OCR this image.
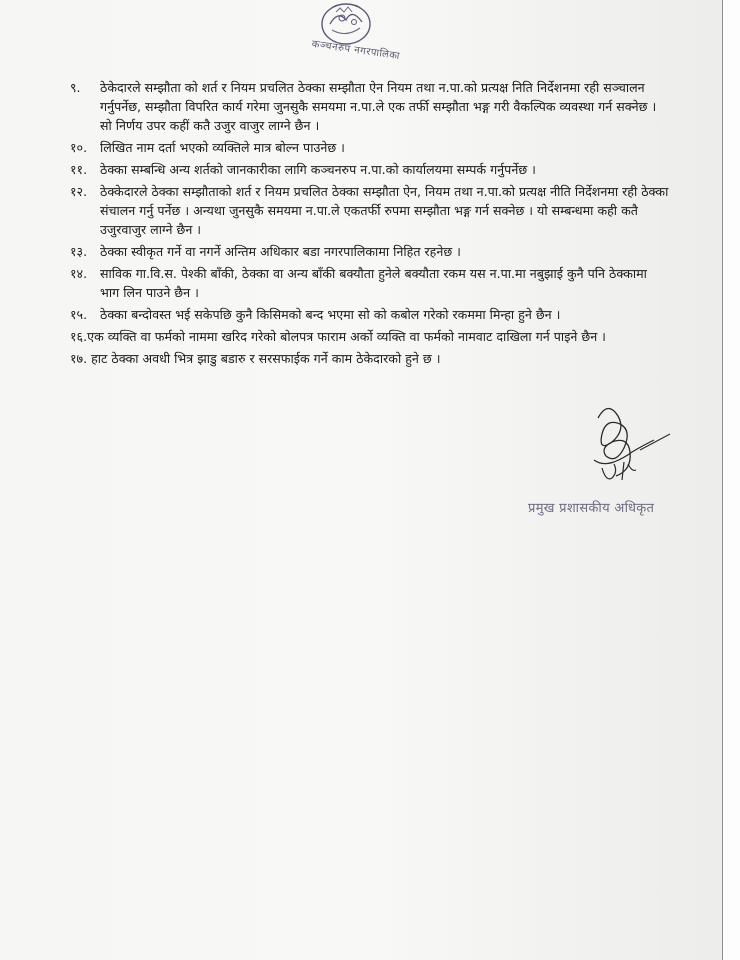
कञ्चनरुप नगरपालिका
९.	ठेकेदारले सम्झौता को शर्त र नियम प्रचलित ठेक्का सम्झौता ऐन नियम तथा न.पा.को प्रत्यक्ष निति निर्देशनमा रही सञ्चालन गर्नुपर्नेछ, सम्झौता विपरित कार्य गरेमा जुनसुकै समयमा न.पा.ले एक तर्फी सम्झौता भङ्ग गरी वैकल्पिक व्यवस्था गर्न सक्नेछ । सो निर्णय उपर कहीं कतै उजुर वाजुर लाग्ने छैन ।
१०.	लिखित नाम दर्ता भएको व्यक्तिले मात्र बोल्न पाउनेछ ।
११.	ठेक्का सम्बन्धि अन्य शर्तको जानकारीका लागि कञ्चनरुप न.पा.को कार्यालयमा सम्पर्क गर्नुपर्नेछ ।
१२.	ठेक्केदारले ठेक्का सम्झौताको शर्त र नियम प्रचलित ठेक्का सम्झौता ऐन, नियम तथा न.पा.को प्रत्यक्ष नीति निर्देशनमा रही ठेक्का संचालन गर्नु पर्नेछ । अन्यथा जुनसुकै समयमा न.पा.ले एकतर्फी रुपमा सम्झौता भङ्ग गर्न सक्नेछ । यो सम्बन्धमा कही कतै उजुरवाजुर लाग्ने छैन ।
१३.	ठेक्का स्वीकृत गर्ने वा नगर्ने अन्तिम अधिकार बडा नगरपालिकामा निहित रहनेछ ।
१४.	साविक गा.वि.स. पेश्की बाँकी, ठेक्का वा अन्य बाँकी बक्यौता हुनेले बक्यौता रकम यस न.पा.मा नबुझाई कुनै पनि ठेक्कामा भाग लिन पाउने छैन ।
१५.	ठेक्का बन्दोवस्त भई सकेपछि कुनै किसिमको बन्द भएमा सो को कबोल गरेको रकममा मिन्हा हुने छैन ।
१६.एक व्यक्ति वा फर्मको नाममा खरिद गरेको बोलपत्र फाराम अर्को व्यक्ति वा फर्मको नामवाट दाखिला गर्न पाइने छैन ।
१७. हाट ठेक्का अवधी भित्र झाडु बडारु र सरसफाईक गर्ने काम ठेकेदारको हुने छ ।
प्रमुख प्रशासकीय अधिकृत
